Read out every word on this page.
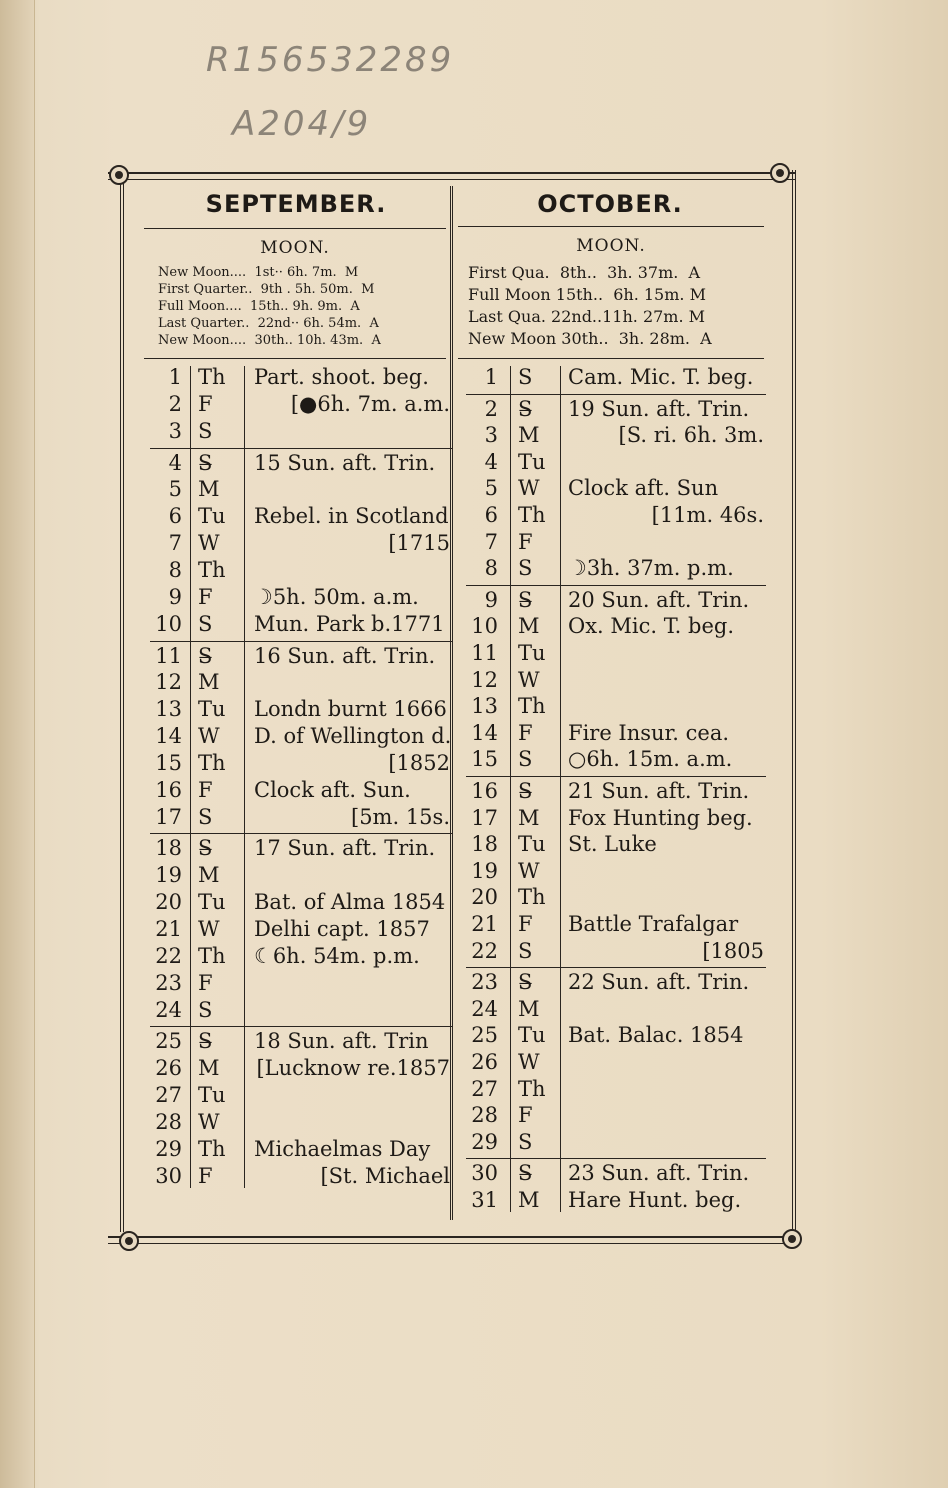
R156532289
A204/9
SEPTEMBER.
MOON.
New Moon....  1st·· 6h. 7m.  M
First Quarter..  9th . 5h. 50m.  M
Full Moon....  15th.. 9h. 9m.  A
Last Quarter..  22nd·· 6h. 54m.  A
New Moon....  30th.. 10h. 43m.  A
OCTOBER.
MOON.
First Qua.  8th..  3h. 37m.  A
Full Moon 15th..  6h. 15m. M
Last Qua. 22nd..11h. 27m. M
New Moon 30th..  3h. 28m.  A
1 Th Part. shoot. beg.
2 F	[●6h. 7m. a.m.
3 S
4 S̶ 15 Sun. aft. Trin.
5 M
6 Tu Rebel. in Scotland
7 W	[1715
8 Th
9 F ☽5h. 50m. a.m.
10 S Mun. Park b.1771
11 S̶ 16 Sun. aft. Trin.
12 M
13 Tu Londn burnt 1666
14 W D. of Wellington d.
15 Th	[1852
16 F Clock aft. Sun.
17 S	[5m. 15s.
18 S̶ 17 Sun. aft. Trin.
19 M
20 Tu Bat. of Alma 1854
21 W Delhi capt. 1857
22 Th ☾6h. 54m. p.m.
23 F
24 S
25 S̶ 18 Sun. aft. Trin
26 M [Lucknow re.1857
27 Tu
28 W
29 Th Michaelmas Day
30 F	[St. Michael
1 S Cam. Mic. T. beg.
2 S̶ 19 Sun. aft. Trin.
3 M	[S. ri. 6h. 3m.
4 Tu
5 W Clock aft. Sun
6 Th	[11m. 46s.
7 F
8 S ☽3h. 37m. p.m.
9 S̶ 20 Sun. aft. Trin.
10 M Ox. Mic. T. beg.
11 Tu
12 W
13 Th
14 F Fire Insur. cea.
15 S ○6h. 15m. a.m.
16 S̶ 21 Sun. aft. Trin.
17 M Fox Hunting beg.
18 Tu St. Luke
19 W
20 Th
21 F Battle Trafalgar
22 S	[1805
23 S̶ 22 Sun. aft. Trin.
24 M
25 Tu Bat. Balac. 1854
26 W
27 Th
28 F
29 S
30 S̶ 23 Sun. aft. Trin.
31 M Hare Hunt. beg.
